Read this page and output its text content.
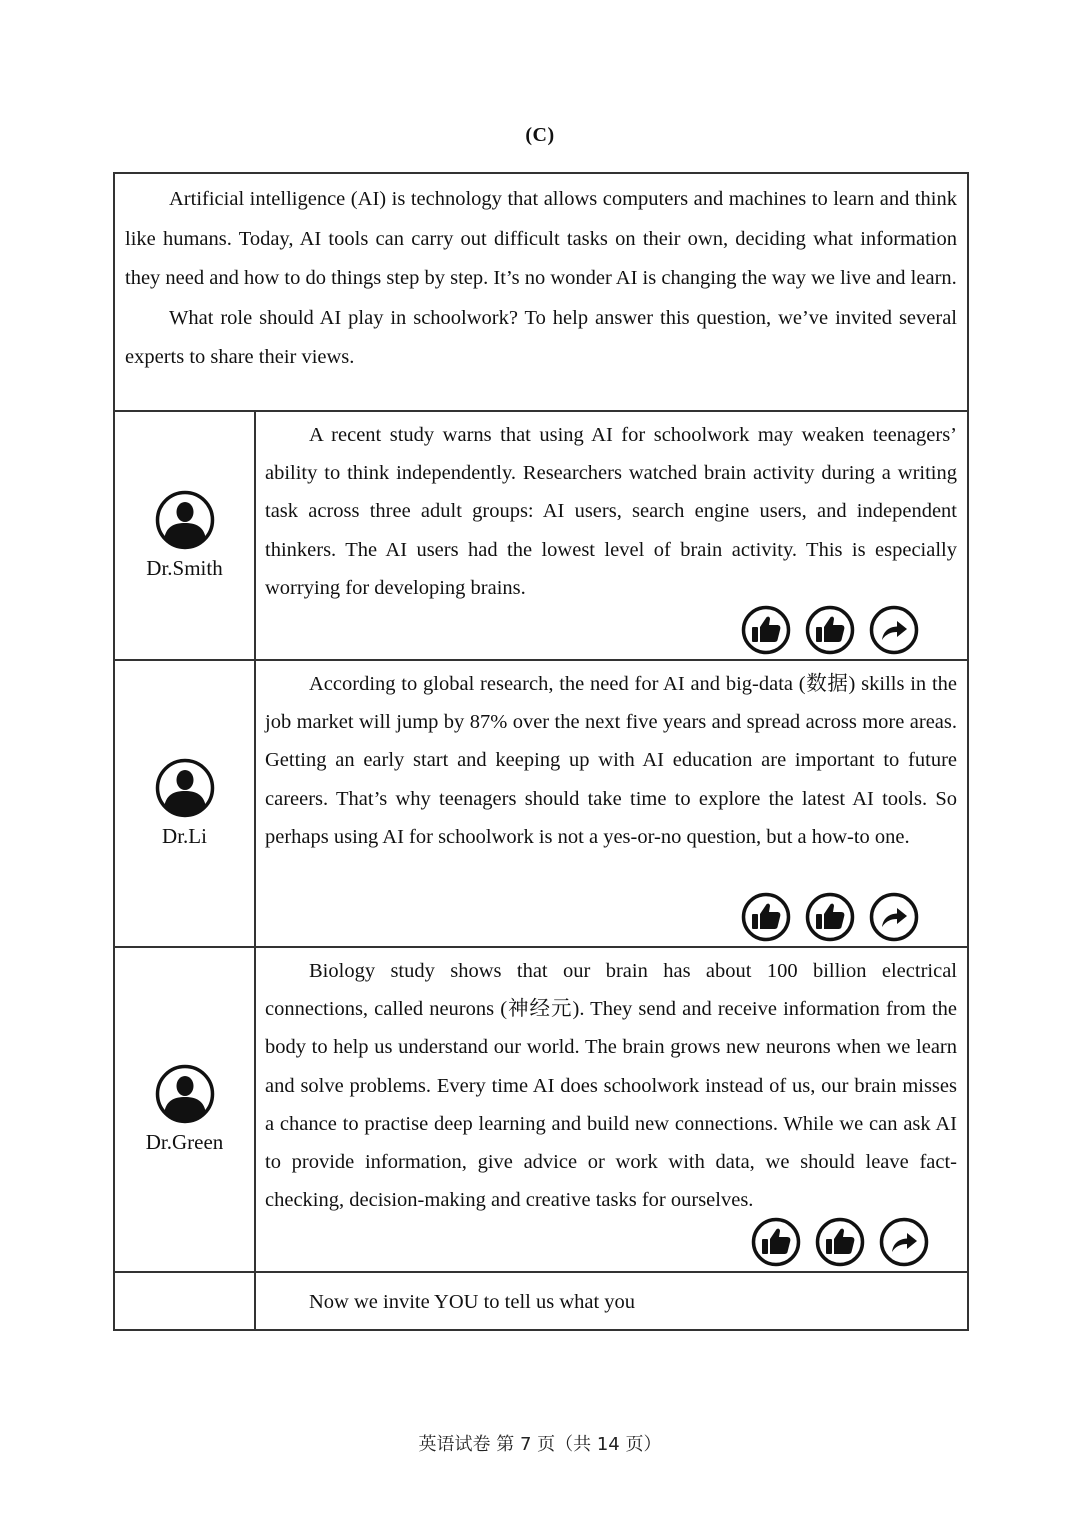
(C)

Artificial intelligence (AI) is technology that allows computers and machines to learn and think like humans. Today, AI tools can carry out difficult tasks on their own, deciding what information they need and how to do things step by step. It’s no wonder AI is changing the way we live and learn.

What role should AI play in schoolwork? To help answer this question, we’ve invited several experts to share their views.

Dr.Smith

A recent study warns that using AI for schoolwork may weaken teenagers’ ability to think independently. Researchers watched brain activity during a writing task across three adult groups: AI users, search engine users, and independent thinkers. The AI users had the lowest level of brain activity. This is especially worrying for developing brains.

Dr.Li

According to global research, the need for AI and big-data (数据) skills in the job market will jump by 87% over the next five years and spread across more areas. Getting an early start and keeping up with AI education are important to future careers. That’s why teenagers should take time to explore the latest AI tools. So perhaps using AI for schoolwork is not a yes-or-no question, but a how-to one.

Dr.Green

Biology study shows that our brain has about 100 billion electrical connections, called neurons (神经元). They send and receive information from the body to help us understand our world. The brain grows new neurons when we learn and solve problems. Every time AI does schoolwork instead of us, our brain misses a chance to practise deep learning and build new connections. While we can ask AI to provide information, give advice or work with data, we should leave fact-checking, decision-making and creative tasks for ourselves.

Now we invite YOU to tell us what you
英语试卷 第 7 页（共 14 页）
